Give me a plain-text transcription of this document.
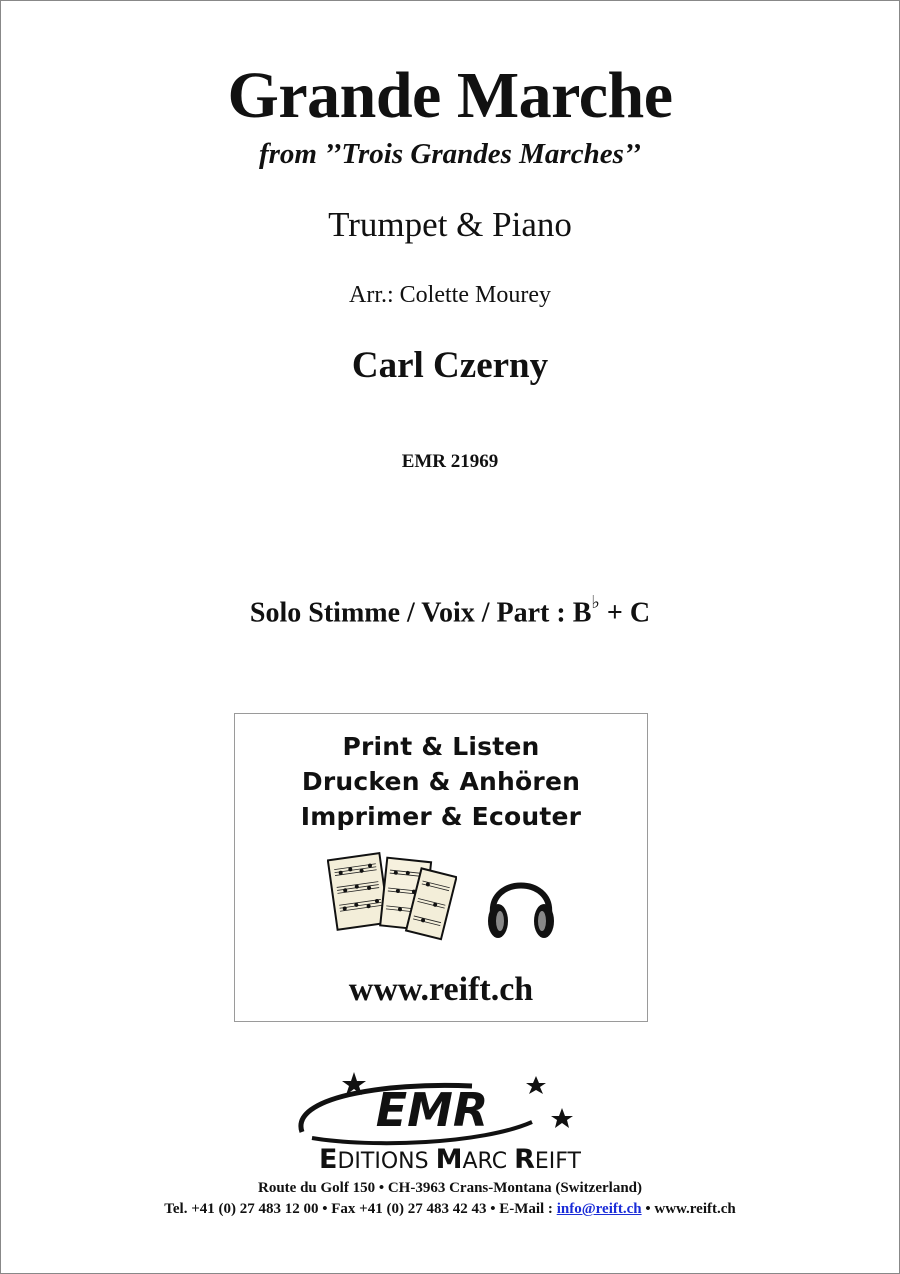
Grande Marche
from ’’Trois Grandes Marches’’
Trumpet & Piano
Arr.: Colette Mourey
Carl Czerny
EMR 21969
Solo Stimme / Voix / Part : B♭ + C
Print & Listen
Drucken & Anhören
Imprimer & Ecouter
www.reift.ch
EMR
EDITIONS MARC REIFT
Route du Golf 150 • CH-3963 Crans-Montana (Switzerland)
Tel. +41 (0) 27 483 12 00 • Fax +41 (0) 27 483 42 43 • E-Mail : info@reift.ch • www.reift.ch
